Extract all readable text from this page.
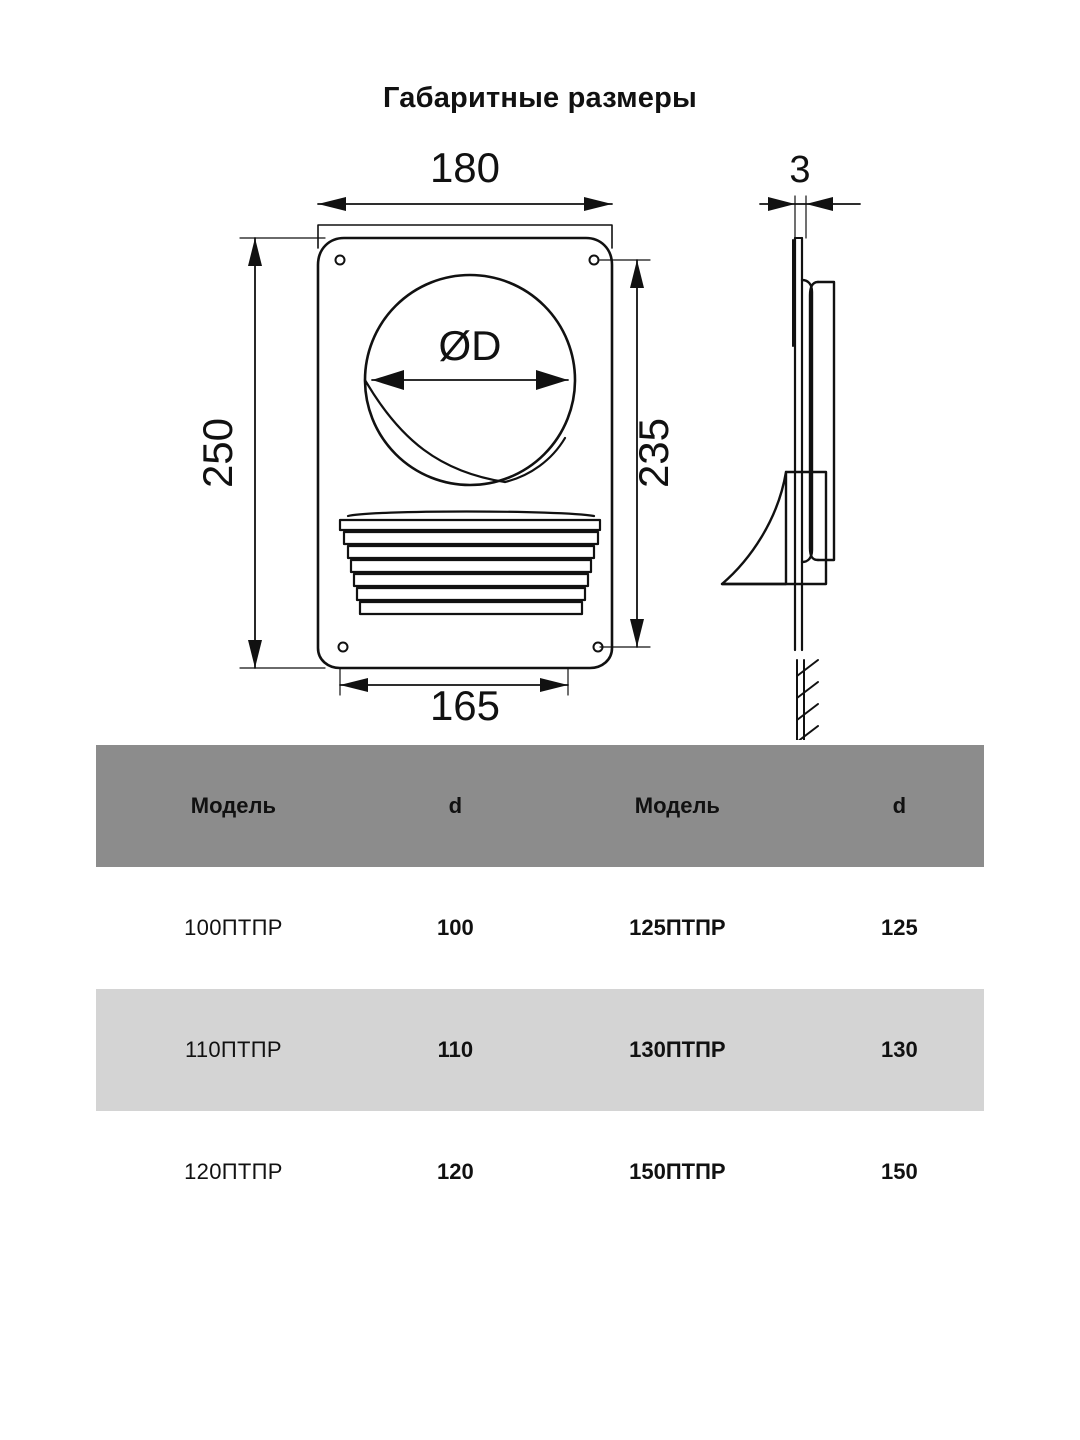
Габаритные размеры
180
250	235
165
ØD
3
Модель	d	Модель	d
100ПТПР	100	125ПТПР	125
110ПТПР	110	130ПТПР	130
120ПТПР	120	150ПТПР	150
